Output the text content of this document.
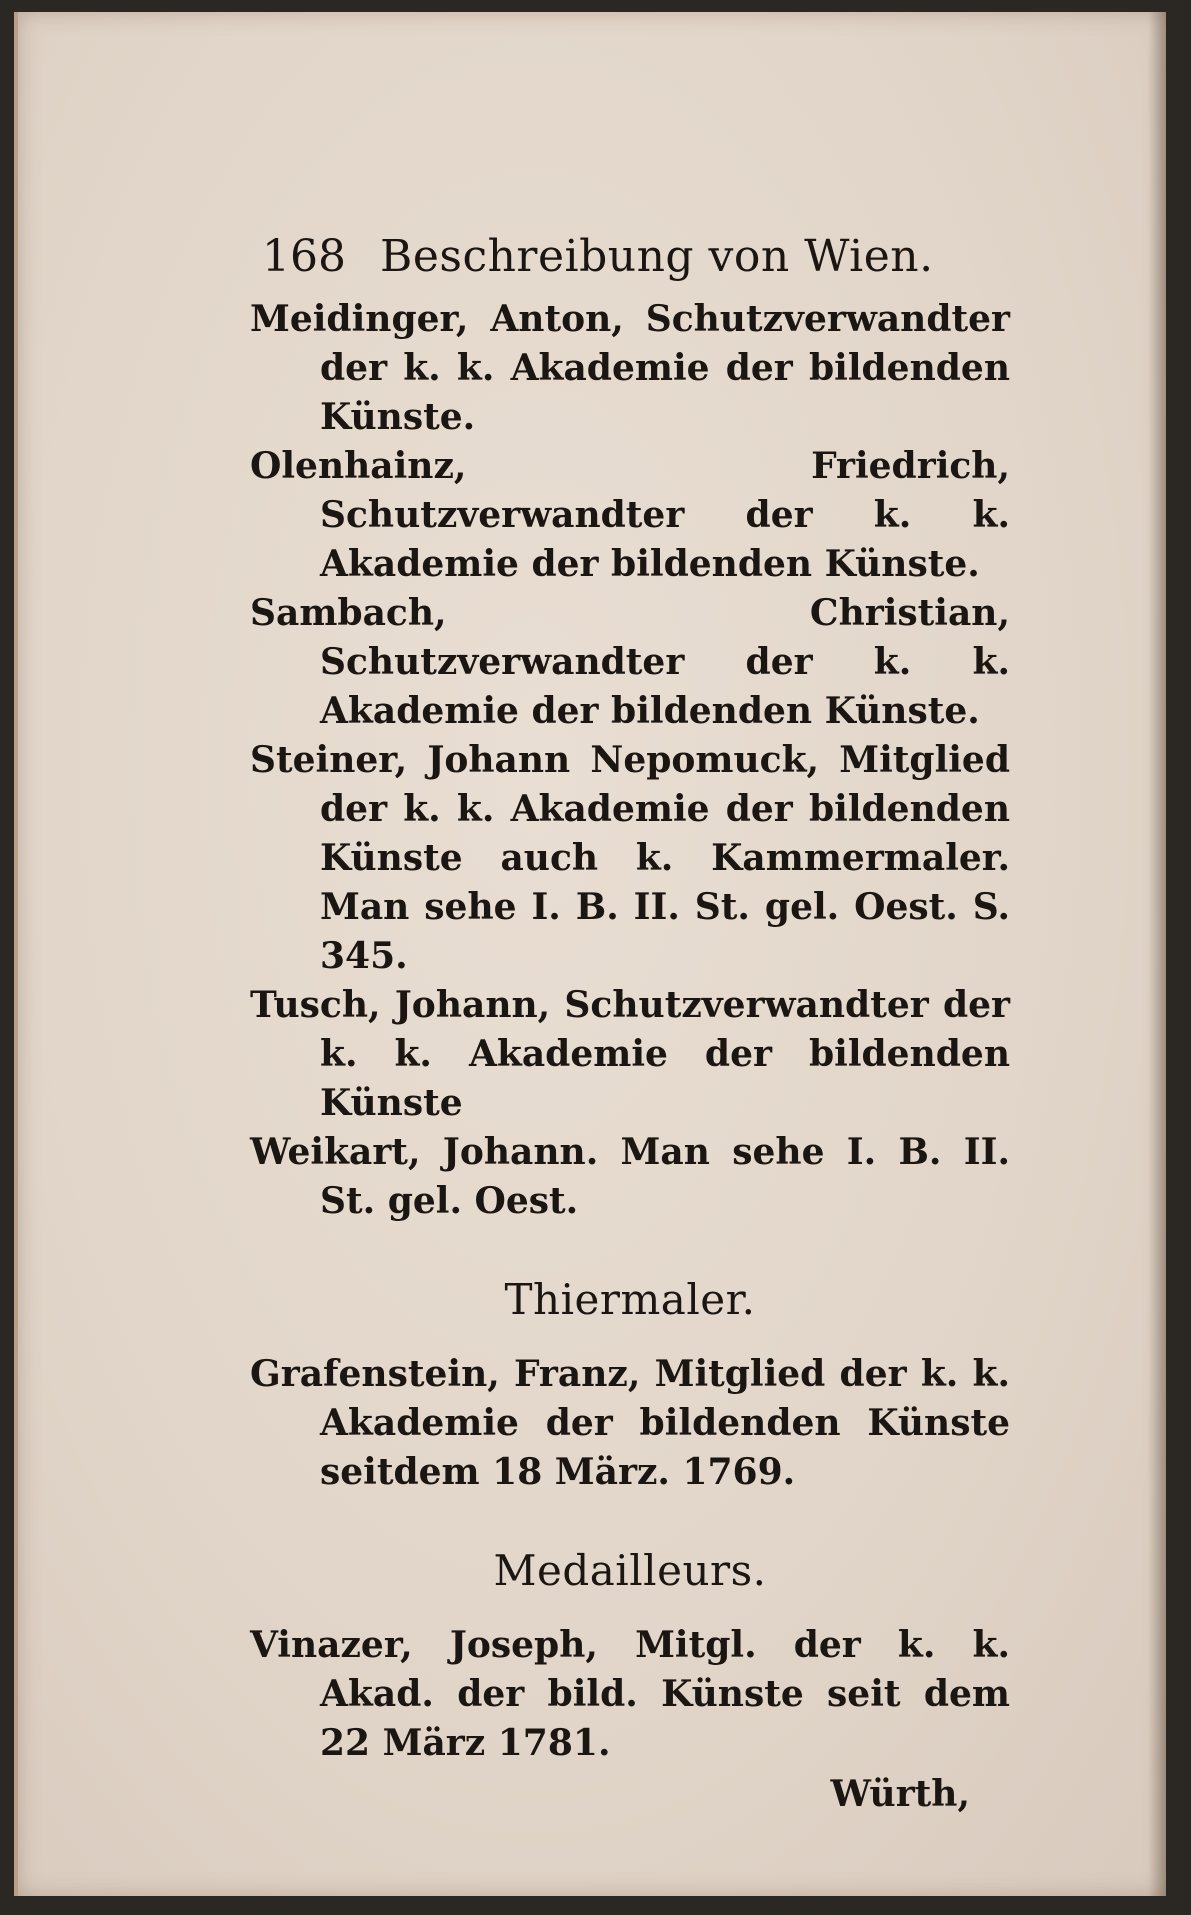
168 Beschreibung von Wien.

Meidinger, Anton, Schutzverwandter der k. k. Akademie der bildenden Künste.

Olenhainz, Friedrich, Schutzverwandter der k. k. Akademie der bildenden Künste.

Sambach, Christian, Schutzverwandter der k. k. Akademie der bildenden Künste.

Steiner, Johann Nepomuck, Mitglied der k. k. Akademie der bildenden Künste auch k. Kammermaler. Man sehe I. B. II. St. gel. Oest. S. 345.

Tusch, Johann, Schutzverwandter der k. k. Akademie der bildenden Künste

Weikart, Johann. Man sehe I. B. II. St. gel. Oest.

Thiermaler.

Grafenstein, Franz, Mitglied der k. k. Akademie der bildenden Künste seitdem 18 März. 1769.

Medailleurs.

Vinazer, Joseph, Mitgl. der k. k. Akad. der bild. Künste seit dem 22 März 1781.

Würth,
